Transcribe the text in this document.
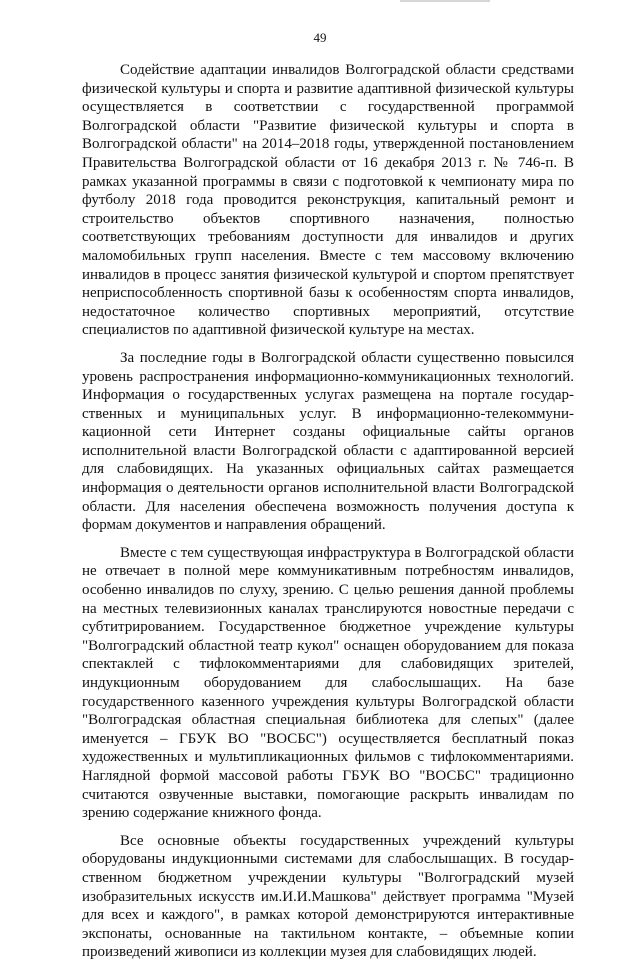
49

Содействие адаптации инвалидов Волгоградской области средствами физической культуры и спорта и развитие адаптивной физической культуры осуществляется в соответствии с государственной программой Волгоградской области "Развитие физической культуры и спорта в Волгоградской области" на 2014–2018 годы, утвержденной постановлением Правительства Волгоградской области от 16 декабря 2013 г. № 746-п. В рамках указанной программы в связи с подготовкой к чемпионату мира по футболу 2018 года проводится реконструкция, капитальный ремонт и строительство объектов спортивного назначения, полностью соответствующих требованиям доступности для инвалидов и других маломобильных групп населения. Вместе с тем массовому включению инвалидов в процесс занятия физической культурой и спортом препятствует неприспособленность спортивной базы к особенностям спорта инвалидов, недостаточное количество спортивных мероприятий, отсутствие специалистов по адаптивной физической культуре на местах.

За последние годы в Волгоградской области существенно повысился уровень распространения информационно-коммуникационных технологий. Информация о государственных услугах размещена на портале государственных и муниципальных услуг. В информационно-телекоммуникационной сети Интернет созданы официальные сайты органов исполнительной власти Волгоградской области с адаптированной версией для слабовидящих. На указанных официальных сайтах размещается информация о деятельности органов исполнительной власти Волгоградской области. Для населения обеспечена возможность получения доступа к формам документов и направления обращений.

Вместе с тем существующая инфраструктура в Волгоградской области не отвечает в полной мере коммуникативным потребностям инвалидов, особенно инвалидов по слуху, зрению. С целью решения данной проблемы на местных телевизионных каналах транслируются новостные передачи с субтитрированием. Государственное бюджетное учреждение культуры "Волгоградский областной театр кукол" оснащен оборудованием для показа спектаклей с тифлокомментариями для слабовидящих зрителей, индукционным оборудованием для слабослышащих. На базе государственного казенного учреждения культуры Волгоградской области "Волгоградская областная специальная библиотека для слепых" (далее именуется – ГБУК ВО "ВОСБС") осуществляется бесплатный показ художественных и мультипликационных фильмов с тифлокомментариями. Наглядной формой массовой работы ГБУК ВО "ВОСБС" традиционно считаются озвученные выставки, помогающие раскрыть инвалидам по зрению содержание книжного фонда.

Все основные объекты государственных учреждений культуры оборудованы индукционными системами для слабослышащих. В государственном бюджетном учреждении культуры "Волгоградский музей изобразительных искусств им.И.И.Машкова" действует программа "Музей для всех и каждого", в рамках которой демонстрируются интерактивные экспонаты, основанные на тактильном контакте, – объемные копии произведений живописи из коллекции музея для слабовидящих людей.
